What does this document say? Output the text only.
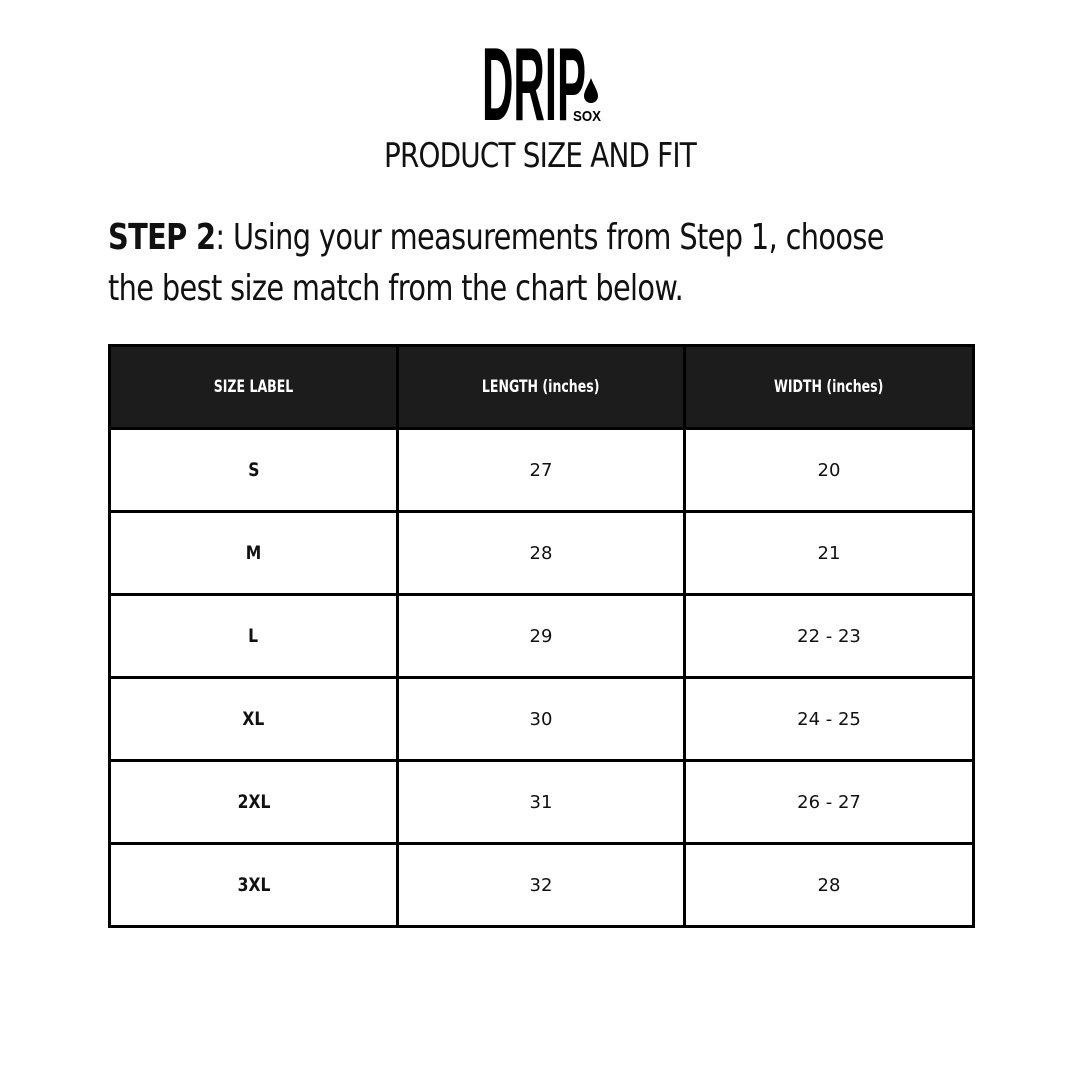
DRIP
SOX
PRODUCT SIZE AND FIT
STEP 2: Using your measurements from Step 1, choose the best size match from the chart below.
SIZE LABEL	LENGTH (inches)	WIDTH (inches)
S	27	20
M	28	21
L	29	22 - 23
XL	30	24 - 25
2XL	31	26 - 27
3XL	32	28
